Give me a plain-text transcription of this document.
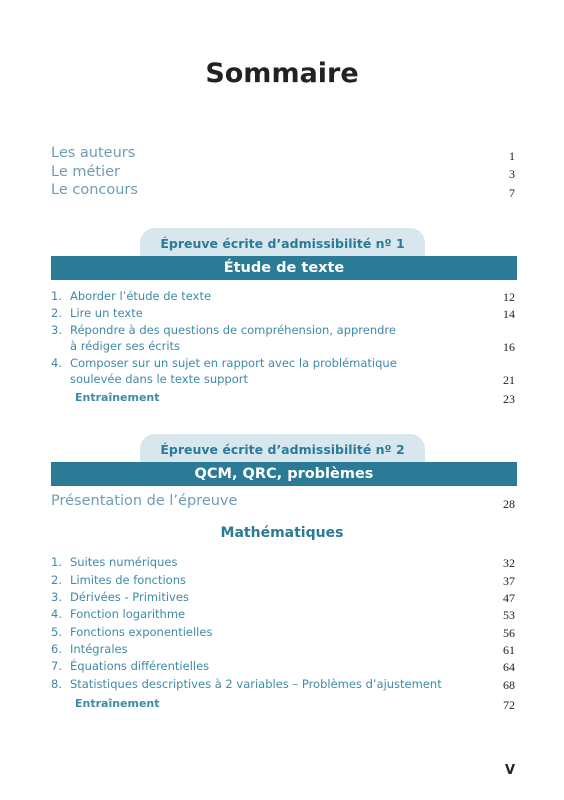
Sommaire
Les auteurs	1
Le métier	3
Le concours	7
Épreuve écrite d’admissibilité nº 1
Étude de texte
1. Aborder l’étude de texte	12
2. Lire un texte	14
3. Répondre à des questions de compréhension, apprendre
à rédiger ses écrits	16
4. Composer sur un sujet en rapport avec la problématique
soulevée dans le texte support	21
Entraînement	23
Épreuve écrite d’admissibilité nº 2
QCM, QRC, problèmes
Présentation de l’épreuve	28
Mathématiques
1. Suites numériques	32
2. Limites de fonctions	37
3. Dérivées - Primitives	47
4. Fonction logarithme	53
5. Fonctions exponentielles	56
6. Intégrales	61
7. Équations différentielles	64
8. Statistiques descriptives à 2 variables – Problèmes d’ajustement	68
Entraînement	72
V
